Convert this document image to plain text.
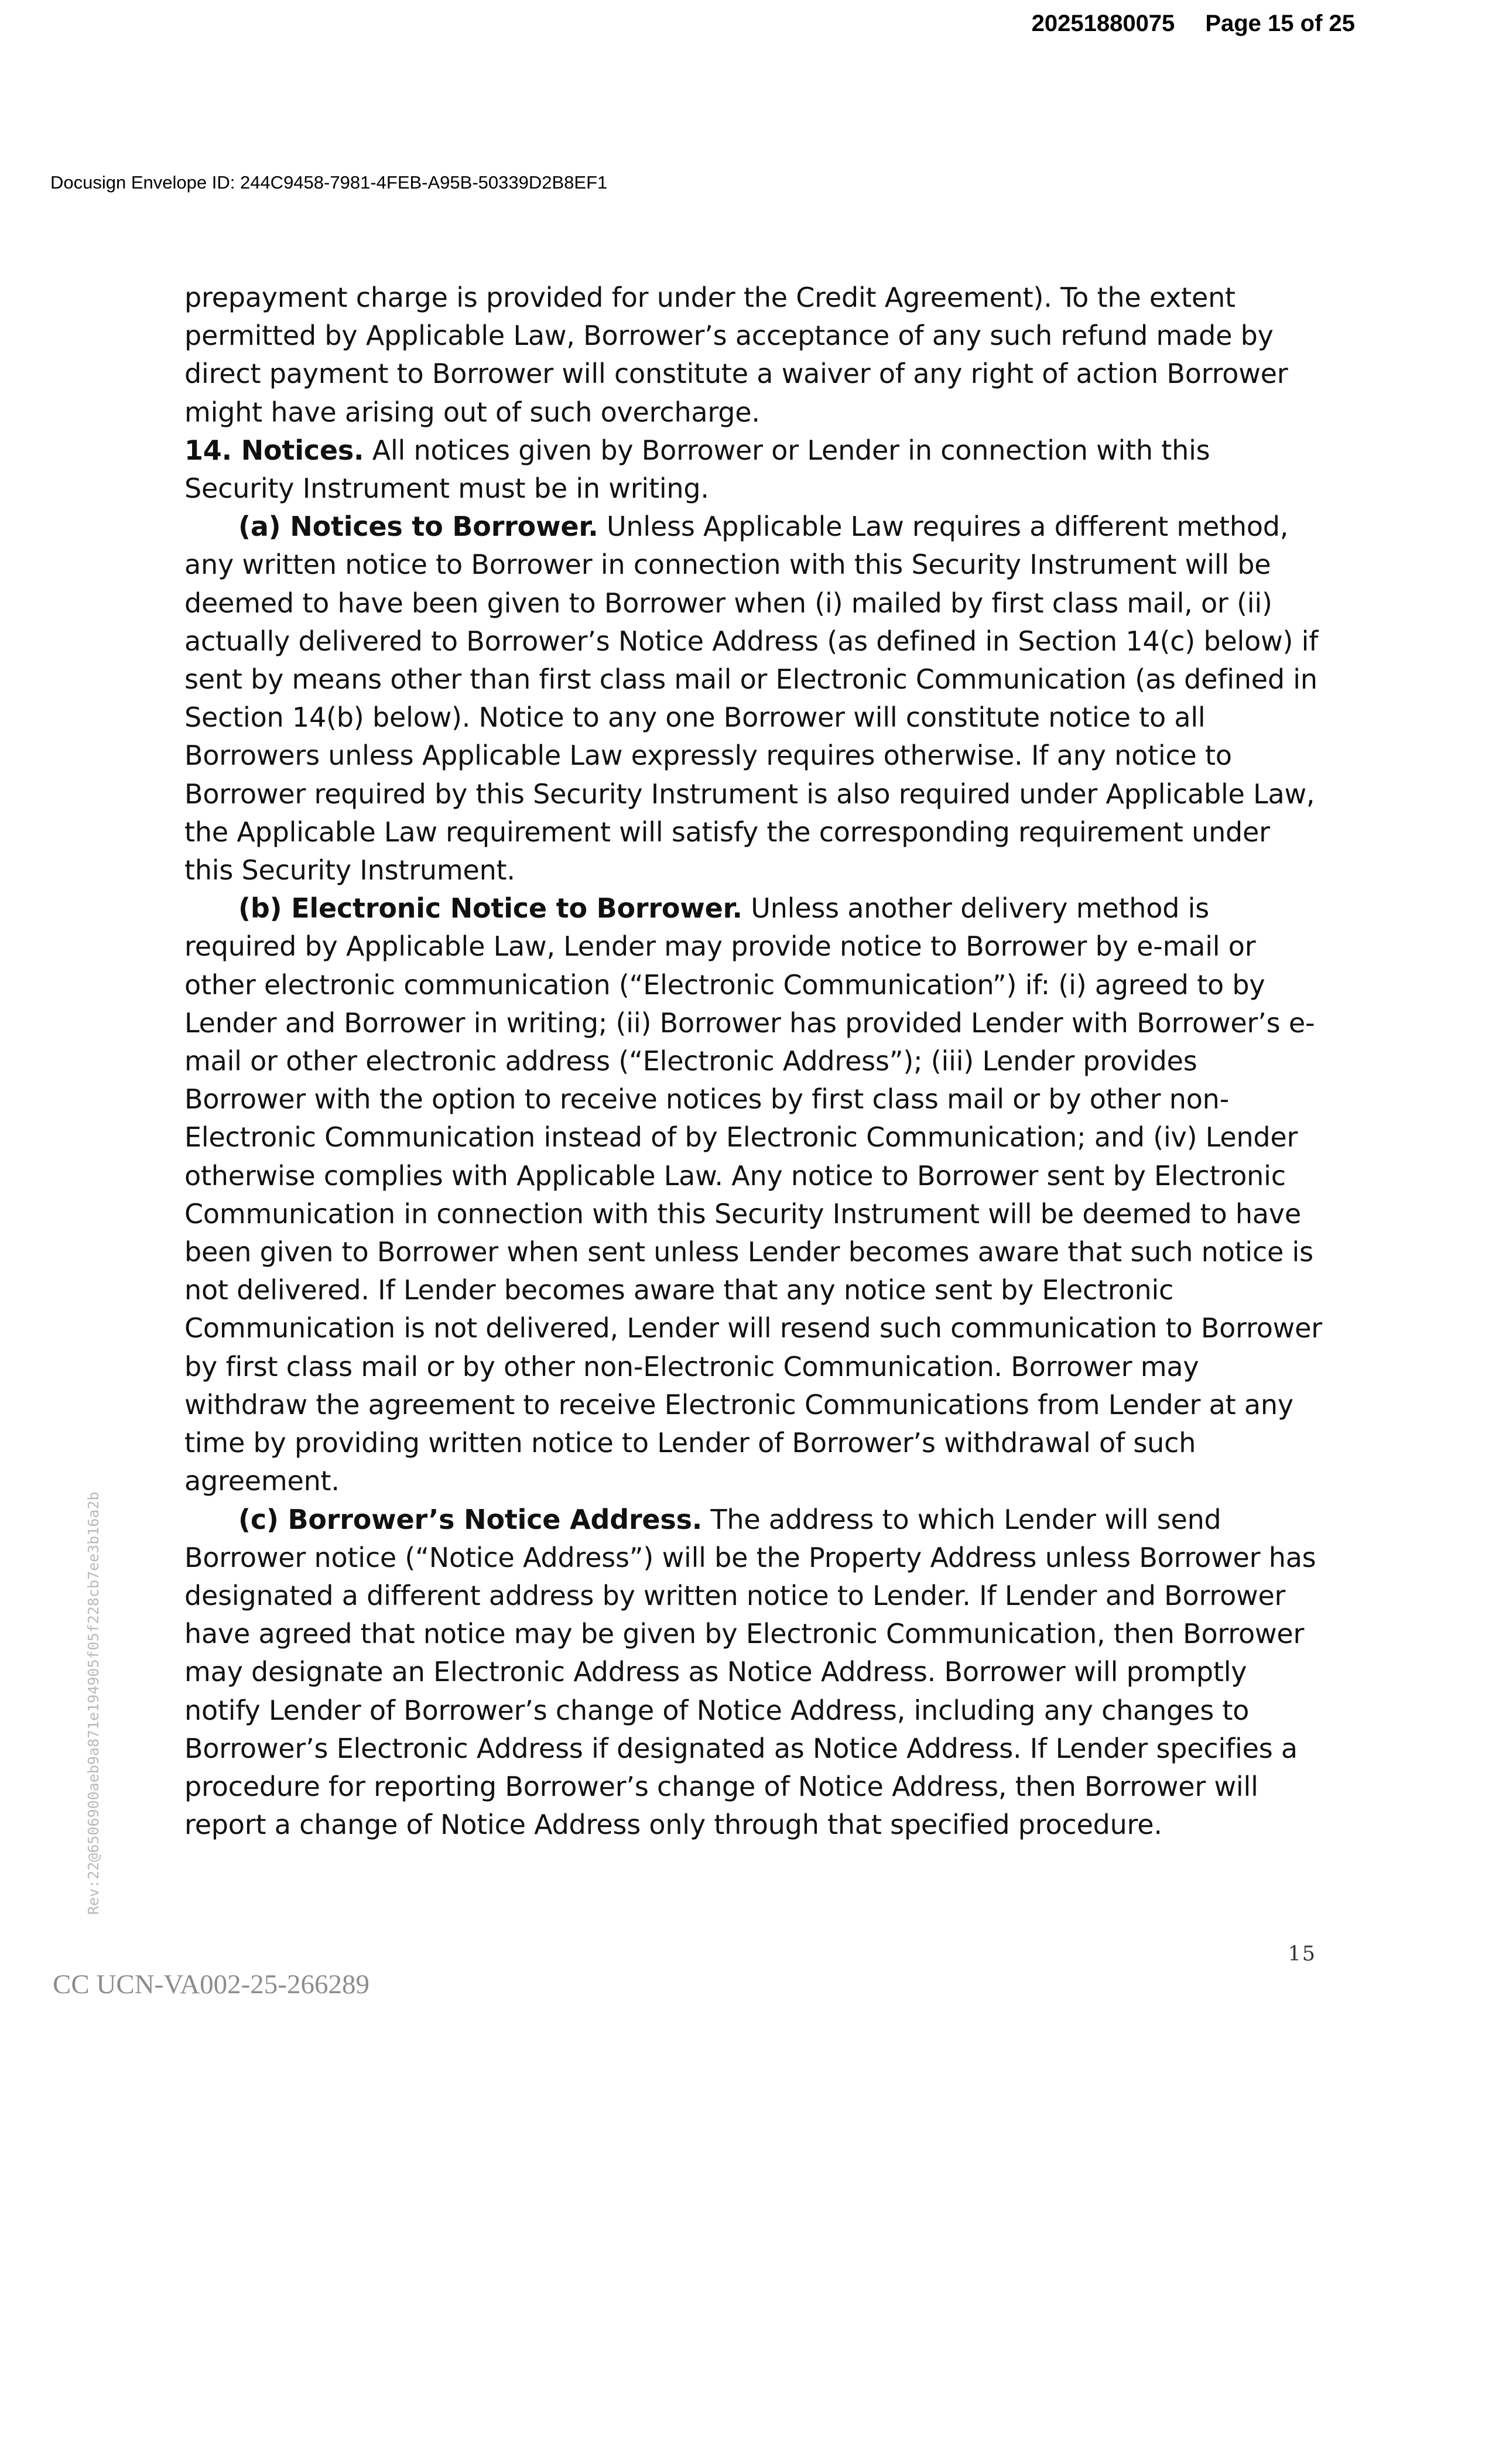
20251880075 Page 15 of 25
Docusign Envelope ID: 244C9458-7981-4FEB-A95B-50339D2B8EF1

prepayment charge is provided for under the Credit Agreement). To the extent permitted by Applicable Law, Borrower’s acceptance of any such refund made by direct payment to Borrower will constitute a waiver of any right of action Borrower might have arising out of such overcharge.

14. Notices. All notices given by Borrower or Lender in connection with this Security Instrument must be in writing.

(a) Notices to Borrower. Unless Applicable Law requires a different method, any written notice to Borrower in connection with this Security Instrument will be deemed to have been given to Borrower when (i) mailed by first class mail, or (ii) actually delivered to Borrower’s Notice Address (as defined in Section 14(c) below) if sent by means other than first class mail or Electronic Communication (as defined in Section 14(b) below). Notice to any one Borrower will constitute notice to all Borrowers unless Applicable Law expressly requires otherwise. If any notice to Borrower required by this Security Instrument is also required under Applicable Law, the Applicable Law requirement will satisfy the corresponding requirement under this Security Instrument.

(b) Electronic Notice to Borrower. Unless another delivery method is required by Applicable Law, Lender may provide notice to Borrower by e-mail or other electronic communication (“Electronic Communication”) if: (i) agreed to by Lender and Borrower in writing; (ii) Borrower has provided Lender with Borrower’s e-mail or other electronic address (“Electronic Address”); (iii) Lender provides Borrower with the option to receive notices by first class mail or by other non-Electronic Communication instead of by Electronic Communication; and (iv) Lender otherwise complies with Applicable Law. Any notice to Borrower sent by Electronic Communication in connection with this Security Instrument will be deemed to have been given to Borrower when sent unless Lender becomes aware that such notice is not delivered. If Lender becomes aware that any notice sent by Electronic Communication is not delivered, Lender will resend such communication to Borrower by first class mail or by other non-Electronic Communication. Borrower may withdraw the agreement to receive Electronic Communications from Lender at any time by providing written notice to Lender of Borrower’s withdrawal of such agreement.

(c) Borrower’s Notice Address. The address to which Lender will send Borrower notice (“Notice Address”) will be the Property Address unless Borrower has designated a different address by written notice to Lender. If Lender and Borrower have agreed that notice may be given by Electronic Communication, then Borrower may designate an Electronic Address as Notice Address. Borrower will promptly notify Lender of Borrower’s change of Notice Address, including any changes to Borrower’s Electronic Address if designated as Notice Address. If Lender specifies a procedure for reporting Borrower’s change of Notice Address, then Borrower will report a change of Notice Address only through that specified procedure.

Rev:22@6506900aeb9a871e194905f05f228cb7ee3b16a2b
15
CC UCN-VA002-25-266289
